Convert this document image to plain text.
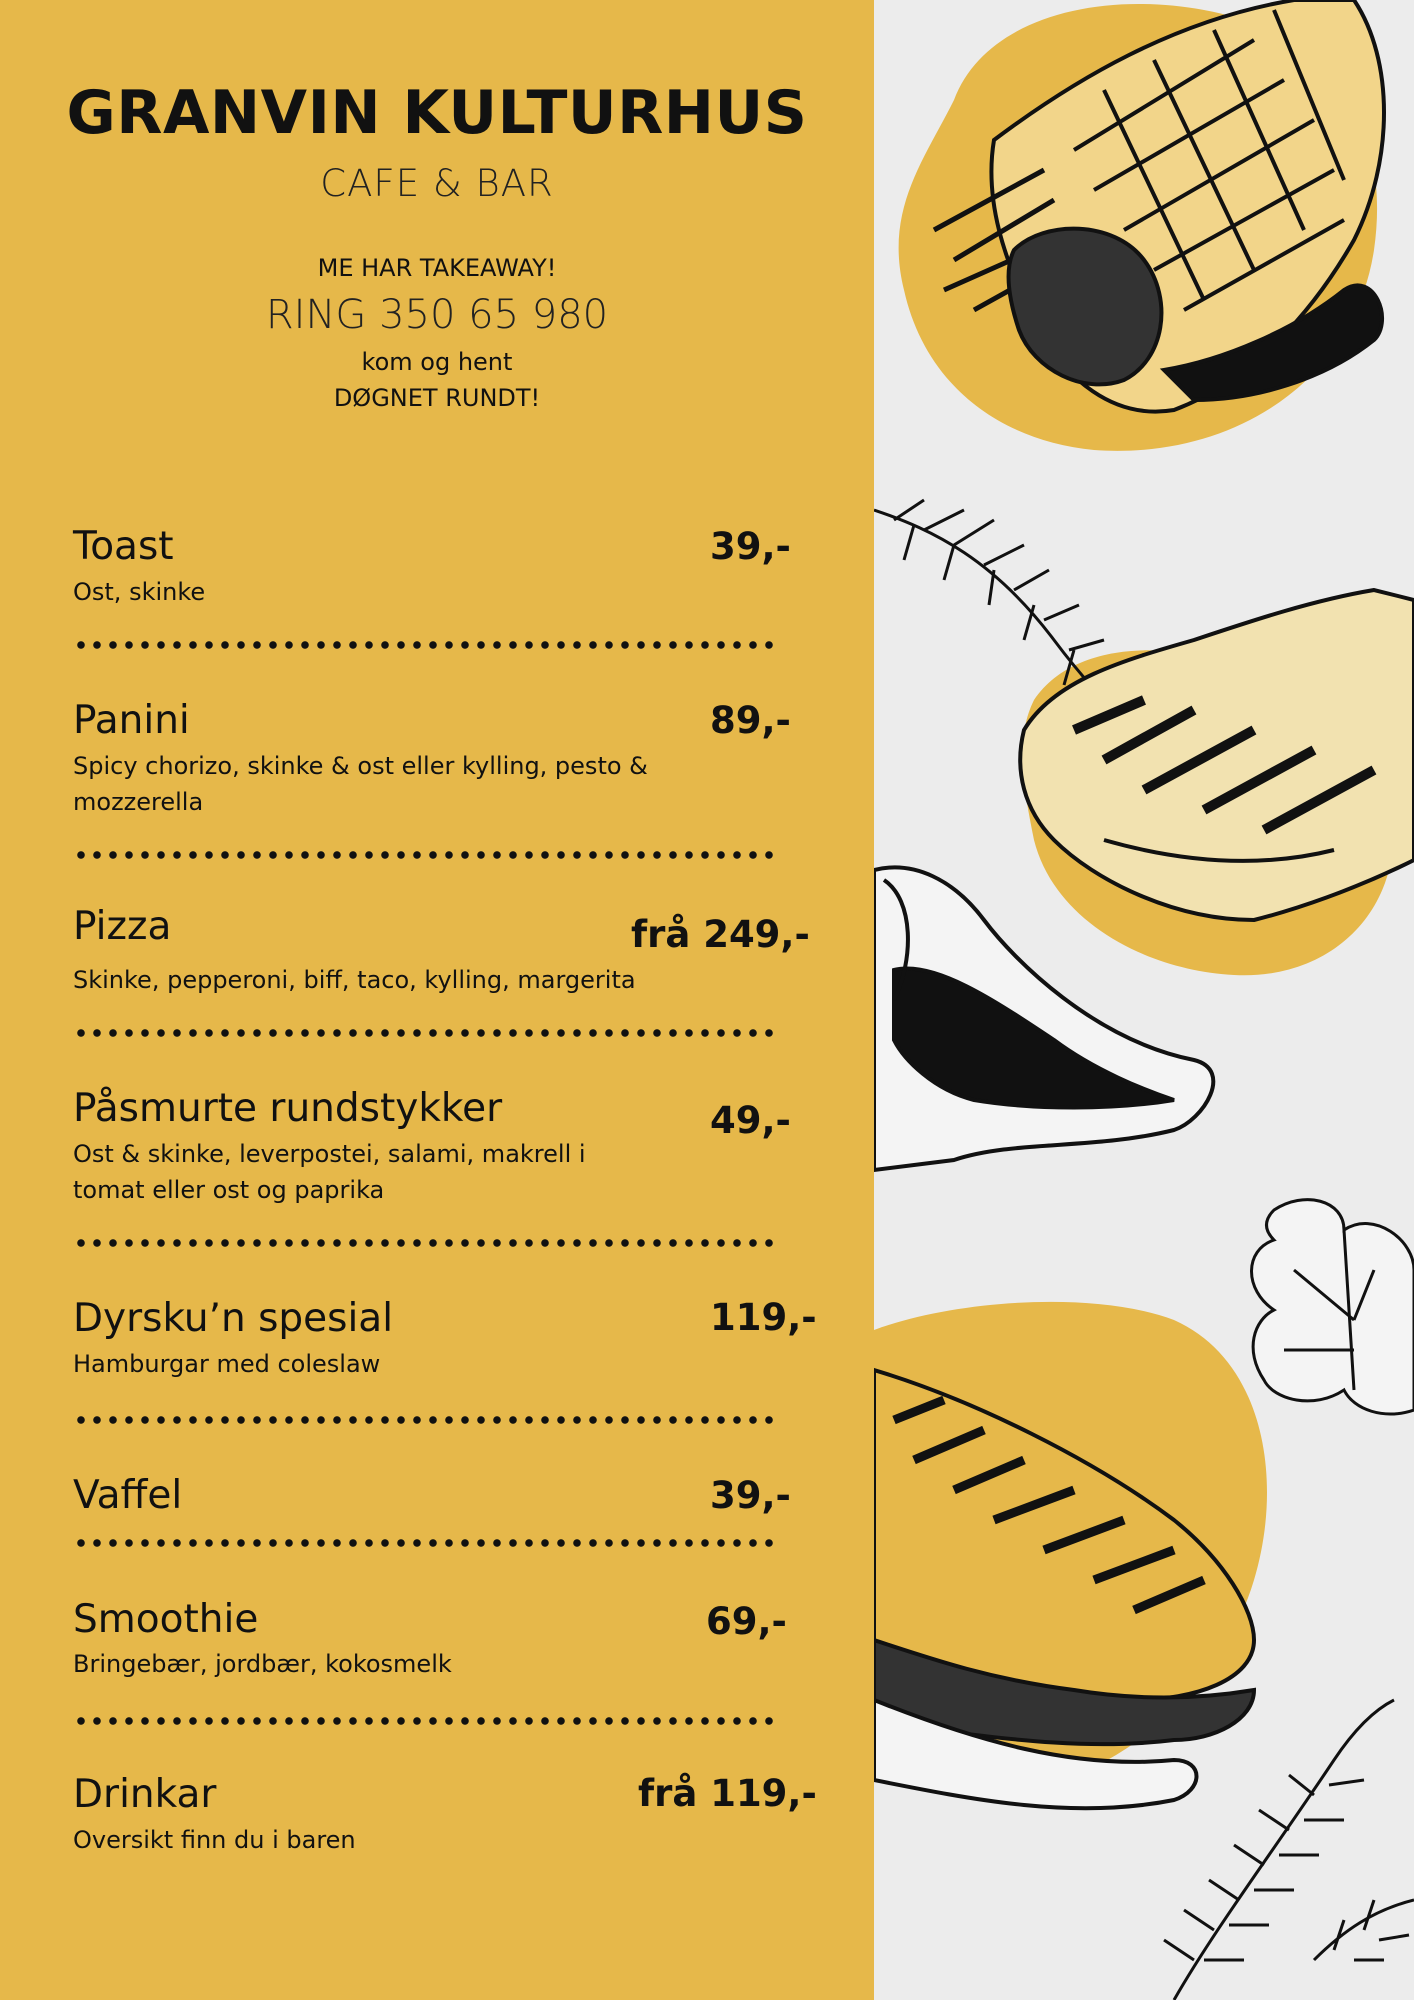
GRANVIN KULTURHUS
CAFE & BAR
ME HAR TAKEAWAY!
RING 350 65 980
kom og hent
DØGNET RUNDT!
Toast	39,-
Ost, skinke
Panini	89,-
Spicy chorizo, skinke & ost eller kylling, pesto & mozzerella
Pizza	frå 249,-
Skinke, pepperoni, biff, taco, kylling, margerita
Påsmurte rundstykker	49,-
Ost & skinke, leverpostei, salami, makrell i tomat eller ost og paprika
Dyrsku’n spesial	119,-
Hamburgar med coleslaw
Vaffel	39,-
Smoothie	69,-
Bringebær, jordbær, kokosmelk
Drinkar	frå 119,-
Oversikt finn du i baren
